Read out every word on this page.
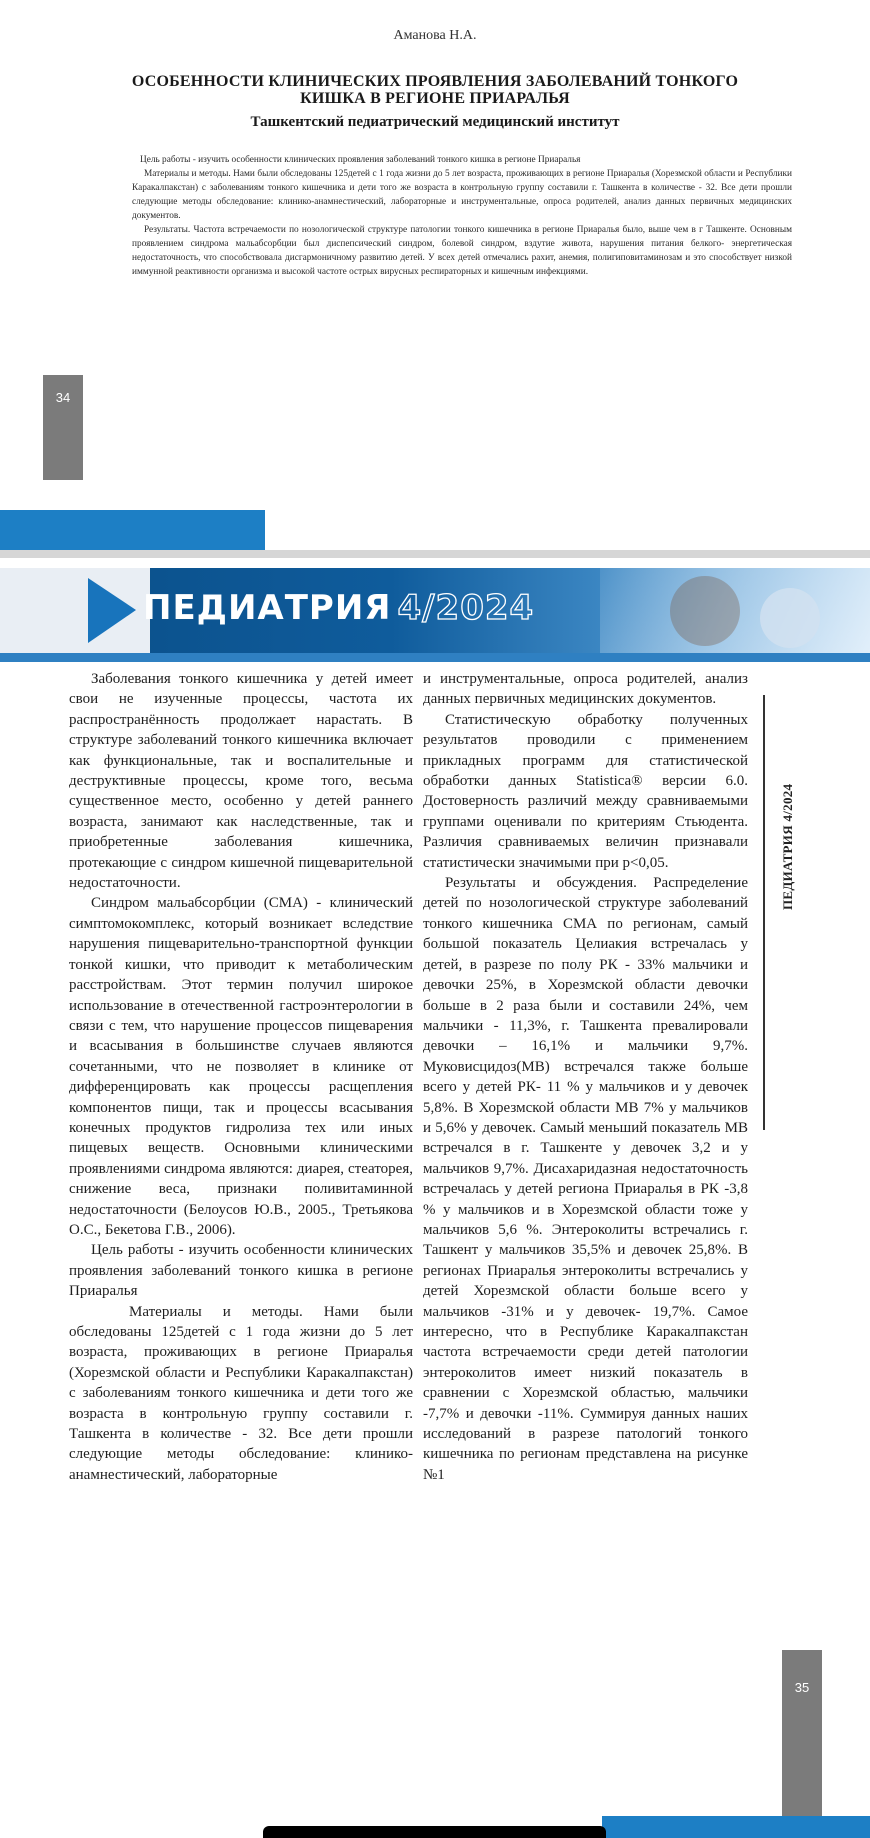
Аманова Н.А.
ОСОБЕННОСТИ КЛИНИЧЕСКИХ ПРОЯВЛЕНИЯ ЗАБОЛЕВАНИЙ ТОНКОГО
КИШКА В РЕГИОНЕ ПРИАРАЛЬЯ
Ташкентский педиатрический медицинский институт

Цель работы - изучить особенности клинических проявления заболеваний тонкого кишка в регионе Приаралья

Материалы и методы. Нами были обследованы 125детей с 1 года жизни до 5 лет возраста, проживающих в регионе Приаралья (Хорезмской области и Республики Каракалпакстан) с заболеваниям тонкого кишечника и дети того же возраста в контрольную группу составили г. Ташкента в количестве - 32. Все дети прошли следующие методы обследование: клинико-анамнестический, лабораторные и инструментальные, опроса родителей, анализ данных первичных медицинских документов.

Результаты. Частота встречаемости по нозологической структуре патологии тонкого кишечника в регионе Приаралья было, выше чем в г Ташкенте. Основным проявлением синдрома мальабсорбции был диспепсический синдром, болевой синдром, вздутие живота, нарушения питания белкого- энергетическая недостаточность, что способствовала дисгармоничному развитию детей. У всех детей отмечались рахит, анемия, полигиповитаминозам и это способствует низкой иммунной реактивности организма и высокой частоте острых вирусных респираторных и кишечным инфекциями.

34
ПЕДИАТРИЯ 4/2024

Заболевания тонкого кишечника у детей имеет свои не изученные процессы, частота их распространённость продолжает нарастать. В структуре заболеваний тонкого кишечника включает как функциональные, так и воспалительные и деструктивные процессы, кроме того, весьма существенное место, особенно у детей раннего возраста, занимают как наследственные, так и приобретенные заболевания кишечника, протекающие с синдром кишечной пищеварительной недостаточности.

Синдром мальабсорбции (СМА) - клинический симптомокомплекс, который возникает вследствие нарушения пищеварительно-транспортной функции тонкой кишки, что приводит к метаболическим расстройствам. Этот термин получил широкое использование в отечественной гастроэнтерологии в связи с тем, что нарушение процессов пищеварения и всасывания в большинстве случаев являются сочетанными, что не позволяет в клинике от дифференцировать как процессы расщепления компонентов пищи, так и процессы всасывания конечных продуктов гидролиза тех или иных пищевых веществ. Основными клиническими проявлениями синдрома являются: диарея, стеаторея, снижение веса, признаки поливитаминной недостаточности (Белоусов Ю.В., 2005., Третьякова О.С., Бекетова Г.В., 2006).

Цель работы - изучить особенности клинических проявления заболеваний тонкого кишка в регионе Приаралья

Материалы и методы. Нами были обследованы 125детей с 1 года жизни до 5 лет возраста, проживающих в регионе Приаралья (Хорезмской области и Республики Каракалпакстан) с заболеваниям тонкого кишечника и дети того же возраста в контрольную группу составили г. Ташкента в количестве - 32. Все дети прошли следующие методы обследование: клинико-анамнестический, лабораторные

и инструментальные, опроса родителей, анализ данных первичных медицинских документов.

Статистическую обработку полученных результатов проводили с применением прикладных программ для статистической обработки данных Statistica® версии 6.0. Достоверность различий между сравниваемыми группами оценивали по критериям Стьюдента. Различия сравниваемых величин признавали статистически значимыми при p<0,05.

Результаты и обсуждения. Распределение детей по нозологической структуре заболеваний тонкого кишечника СМА по регионам, самый большой показатель Целиакия встречалась у детей, в разрезе по полу РК - 33% мальчики и девочки 25%, в Хорезмской области девочки больше в 2 раза были и составили 24%, чем мальчики - 11,3%, г. Ташкента превалировали девочки – 16,1% и мальчики 9,7%. Муковисцидоз(МВ) встречался также больше всего у детей РК- 11 % у мальчиков и у девочек 5,8%. В Хорезмской области МВ 7% у мальчиков и 5,6% у девочек. Самый меньший показатель МВ встречался в г. Ташкенте у девочек 3,2 и у мальчиков 9,7%. Дисахаридазная недостаточность встречалась у детей региона Приаралья в РК -3,8 % у мальчиков и в Хорезмской области тоже у мальчиков 5,6 %. Энтероколиты встречались г. Ташкент у мальчиков 35,5% и девочек 25,8%. В регионах Приаралья энтероколиты встречались у детей Хорезмской области больше всего у мальчиков -31% и у девочек- 19,7%. Самое интересно, что в Республике Каракалпакстан частота встречаемости среди детей патологии энтероколитов имеет низкий показатель в сравнении с Хорезмской областью, мальчики -7,7% и девочки -11%. Суммируя данных наших исследований в разрезе патологий тонкого кишечника по регионам представлена на рисунке №1

ПЕДИАТРИЯ 4/2024
35
